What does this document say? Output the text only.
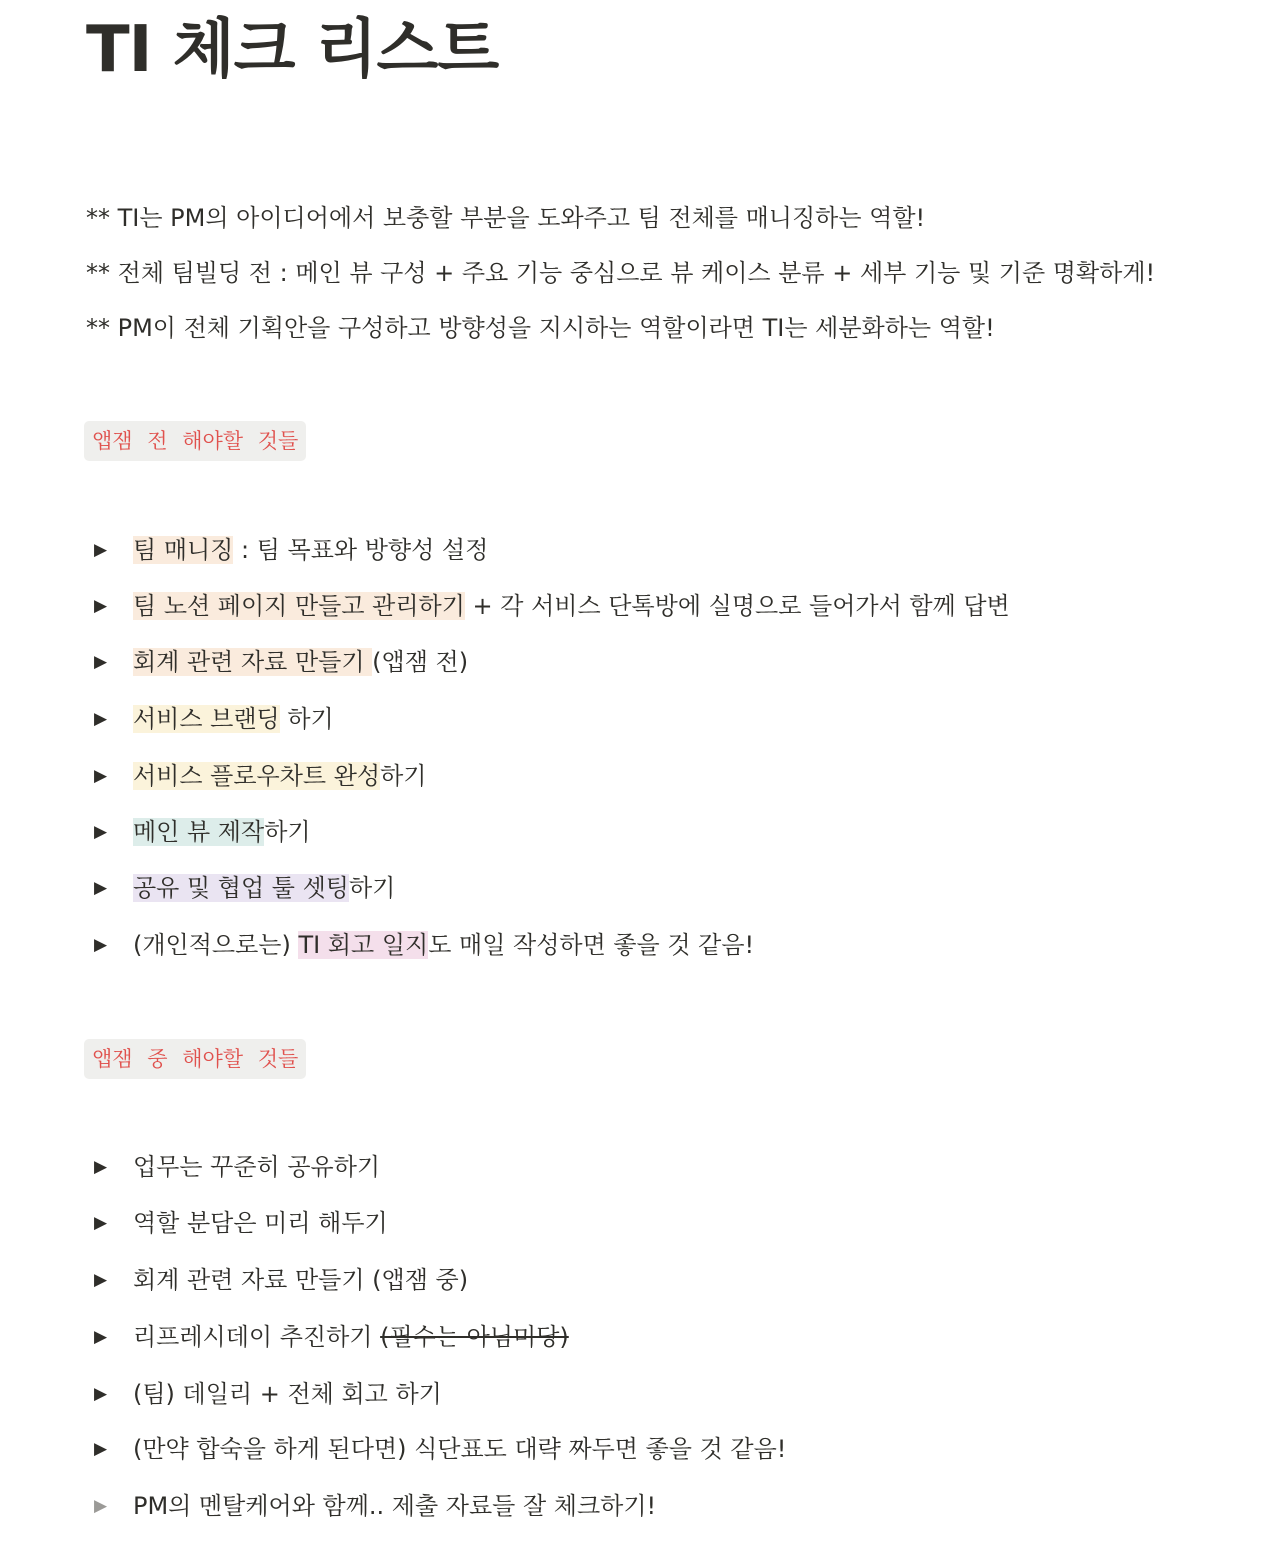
TI 체크 리스트
** TI는 PM의 아이디어에서 보충할 부분을 도와주고 팀 전체를 매니징하는 역할!
** 전체 팀빌딩 전 : 메인 뷰 구성 + 주요 기능 중심으로 뷰 케이스 분류 + 세부 기능 및 기준 명확하게!
** PM이 전체 기획안을 구성하고 방향성을 지시하는 역할이라면 TI는 세분화하는 역할!
앱잼 전 해야할 것들
▶ 팀 매니징 : 팀 목표와 방향성 설정
▶ 팀 노션 페이지 만들고 관리하기 + 각 서비스 단톡방에 실명으로 들어가서 함께 답변
▶ 회계 관련 자료 만들기 (앱잼 전)
▶ 서비스 브랜딩 하기
▶ 서비스 플로우차트 완성하기
▶ 메인 뷰 제작하기
▶ 공유 및 협업 툴 셋팅하기
▶ (개인적으로는) TI 회고 일지도 매일 작성하면 좋을 것 같음!
앱잼 중 해야할 것들
▶ 업무는 꾸준히 공유하기
▶ 역할 분담은 미리 해두기
▶ 회계 관련 자료 만들기 (앱잼 중)
▶ 리프레시데이 추진하기 (필수는 아님미당)
▶ (팀) 데일리 + 전체 회고 하기
▶ (만약 합숙을 하게 된다면) 식단표도 대략 짜두면 좋을 것 같음!
▶ PM의 멘탈케어와 함께.. 제출 자료들 잘 체크하기!
